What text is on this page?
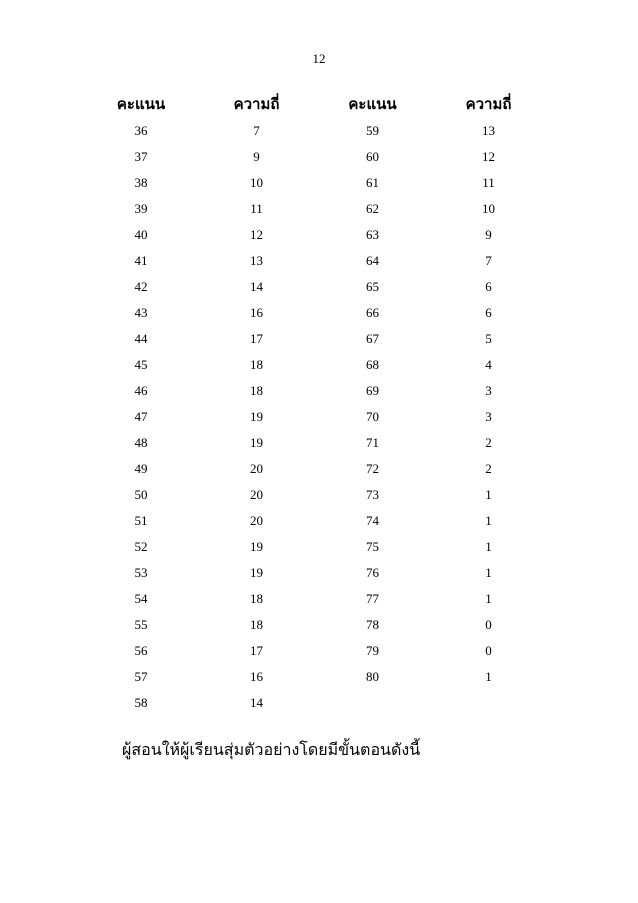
12
คะแนน	ความถี่	คะแนน	ความถี่
36	7	59	13
37	9	60	12
38	10	61	11
39	11	62	10
40	12	63	9
41	13	64	7
42	14	65	6
43	16	66	6
44	17	67	5
45	18	68	4
46	18	69	3
47	19	70	3
48	19	71	2
49	20	72	2
50	20	73	1
51	20	74	1
52	19	75	1
53	19	76	1
54	18	77	1
55	18	78	0
56	17	79	0
57	16	80	1
58	14		
ผู้สอนให้ผู้เรียนสุ่มตัวอย่างโดยมีขั้นตอนดังนี้
